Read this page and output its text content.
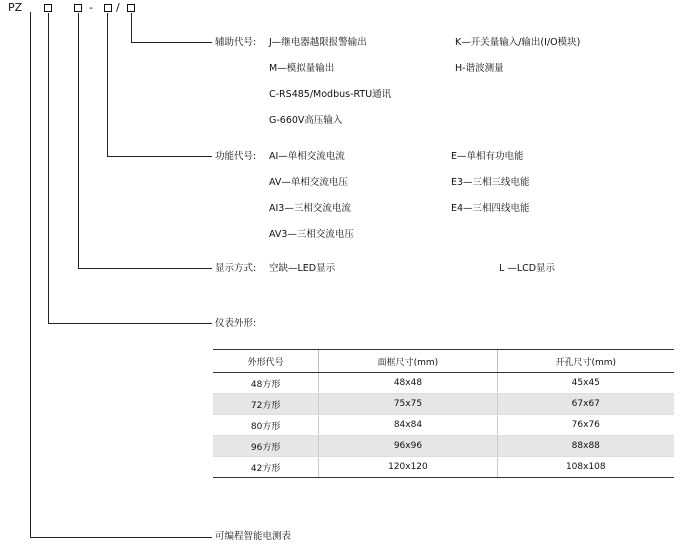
PZ	- /
辅助代号: J—继电器越限报警输出
M—模拟量输出
C-RS485/Modbus-RTU通讯
G-660V高压输入
K—开关量输入/输出(I/O模块)
H-谐波测量
功能代号: AI—单相交流电流
AV—单相交流电压
AI3—三相交流电流
AV3—三相交流电压
E—单相有功电能
E3—三相三线电能
E4—三相四线电能
显示方式: 空缺—LED显示	L —LCD显示
仪表外形:
外形代号	面框尺寸(mm)	开孔尺寸(mm)
48方形	48x48	45x45
72方形	75x75	67x67
80方形	84x84	76x76
96方形	96x96	88x88
42方形	120x120	108x108
可编程智能电测表
